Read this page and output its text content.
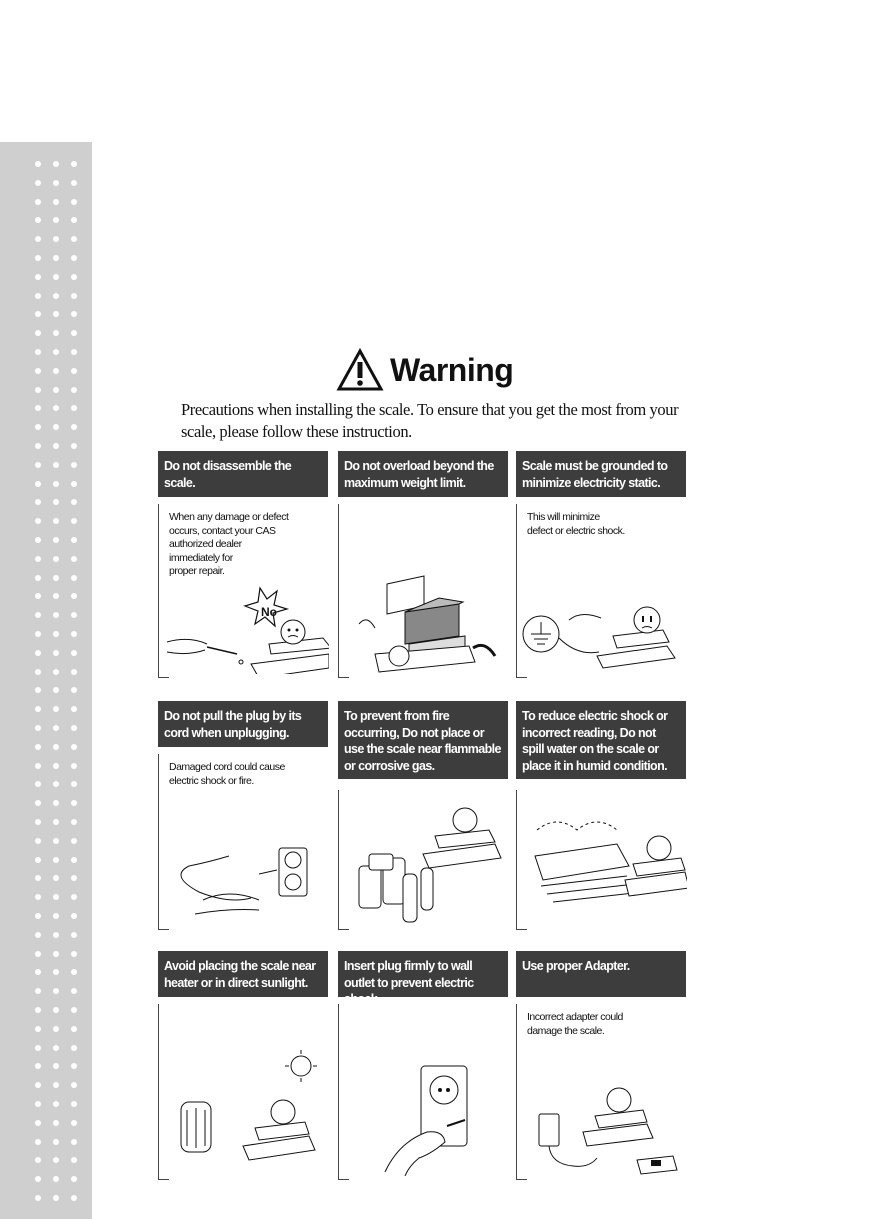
Warning
Precautions when installing the scale. To ensure that you get the most from your scale, please follow these instruction.
Do not disassemble the scale.
When any damage or defect
occurs, contact your CAS
authorized dealer
immediately for
proper repair.
No
Do not overload beyond the maximum weight limit.
Scale must be grounded to minimize electricity static.
This will minimize
defect or electric shock.
Do not pull the plug by its cord when unplugging.
Damaged cord could cause
electric shock or fire.
To prevent from fire occurring, Do not place or use the scale near flammable or corrosive gas.
To reduce electric shock or incorrect reading, Do not spill water on the scale or place it in humid condition.
Avoid placing the scale near heater or in direct sunlight.
Insert plug firmly to wall outlet to prevent electric shock.
Use proper Adapter.
Incorrect adapter could
damage the scale.
